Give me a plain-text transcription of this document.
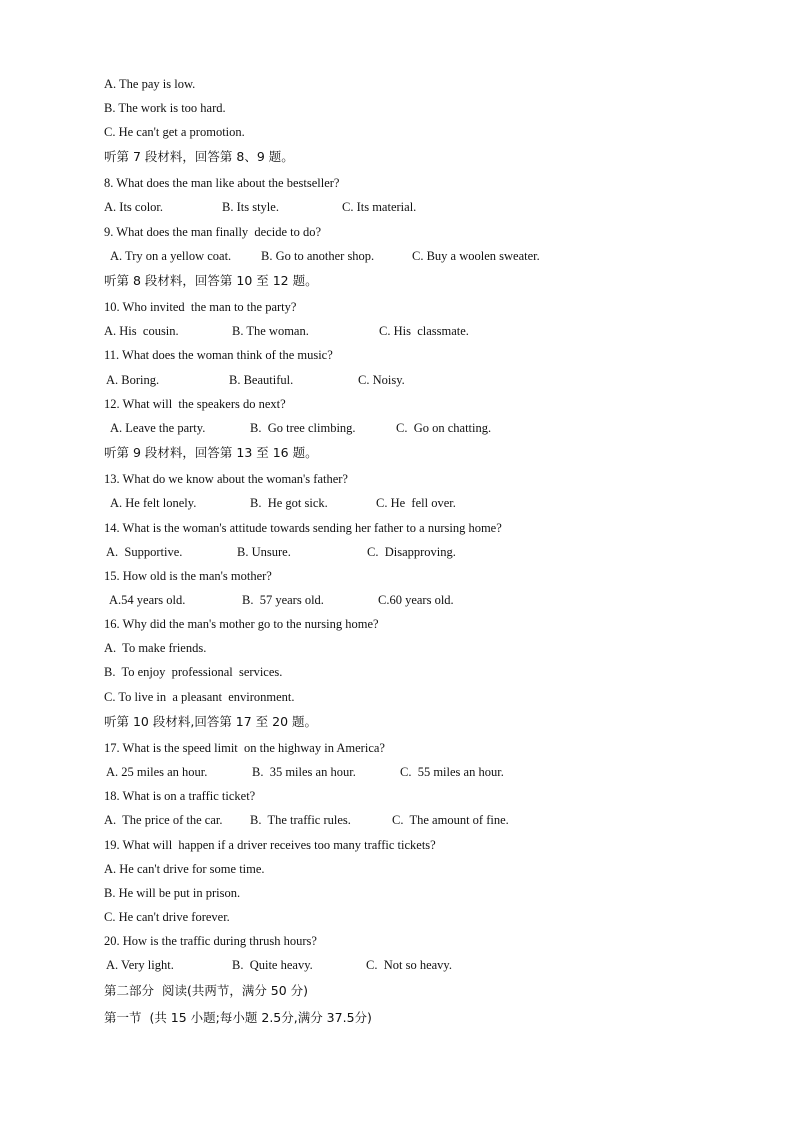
A. The pay is low.
B. The work is too hard.
C. He can't get a promotion.
听第 7 段材料，回答第 8、9 题。
8. What does the man like about the bestseller?
A. Its color.	B. Its style.	C. Its material.
9. What does the man finally  decide to do?
A. Try on a yellow coat. B. Go to another shop.	C. Buy a woolen sweater.
听第 8 段材料，回答第 10 至 12 题。
10. Who invited  the man to the party?
A. His  cousin.	B. The woman.	C. His  classmate.
11. What does the woman think of the music?
A. Boring.	B. Beautiful.	C. Noisy.
12. What will  the speakers do next?
A. Leave the party.	B.  Go tree climbing.	C.  Go on chatting.
听第 9 段材料，回答第 13 至 16 题。
13. What do we know about the woman's father?
A. He felt lonely.	B.  He got sick.	C. He  fell over.
14. What is the woman's attitude towards sending her father to a nursing home?
A.  Supportive.	B. Unsure.	C.  Disapproving.
15. How old is the man's mother?
A.54 years old.	B.  57 years old.	C.60 years old.
16. Why did the man's mother go to the nursing home?
A.  To make friends.
B.  To enjoy  professional  services.
C. To live in  a pleasant  environment.
听第 10 段材料,回答第 17 至 20 题。
17. What is the speed limit  on the highway in America?
A. 25 miles an hour.	B.  35 miles an hour.	C.  55 miles an hour.
18. What is on a traffic ticket?
A.  The price of the car. B.  The traffic rules.	C.  The amount of fine.
19. What will  happen if a driver receives too many traffic tickets?
A. He can't drive for some time.
B. He will be put in prison.
C. He can't drive forever.
20. How is the traffic during thrush hours?
A. Very light.	B.  Quite heavy.	C.  Not so heavy.
第二部分  阅读(共两节，满分 50 分)
第一节  (共 15 小题;每小题 2.5分,满分 37.5分)
